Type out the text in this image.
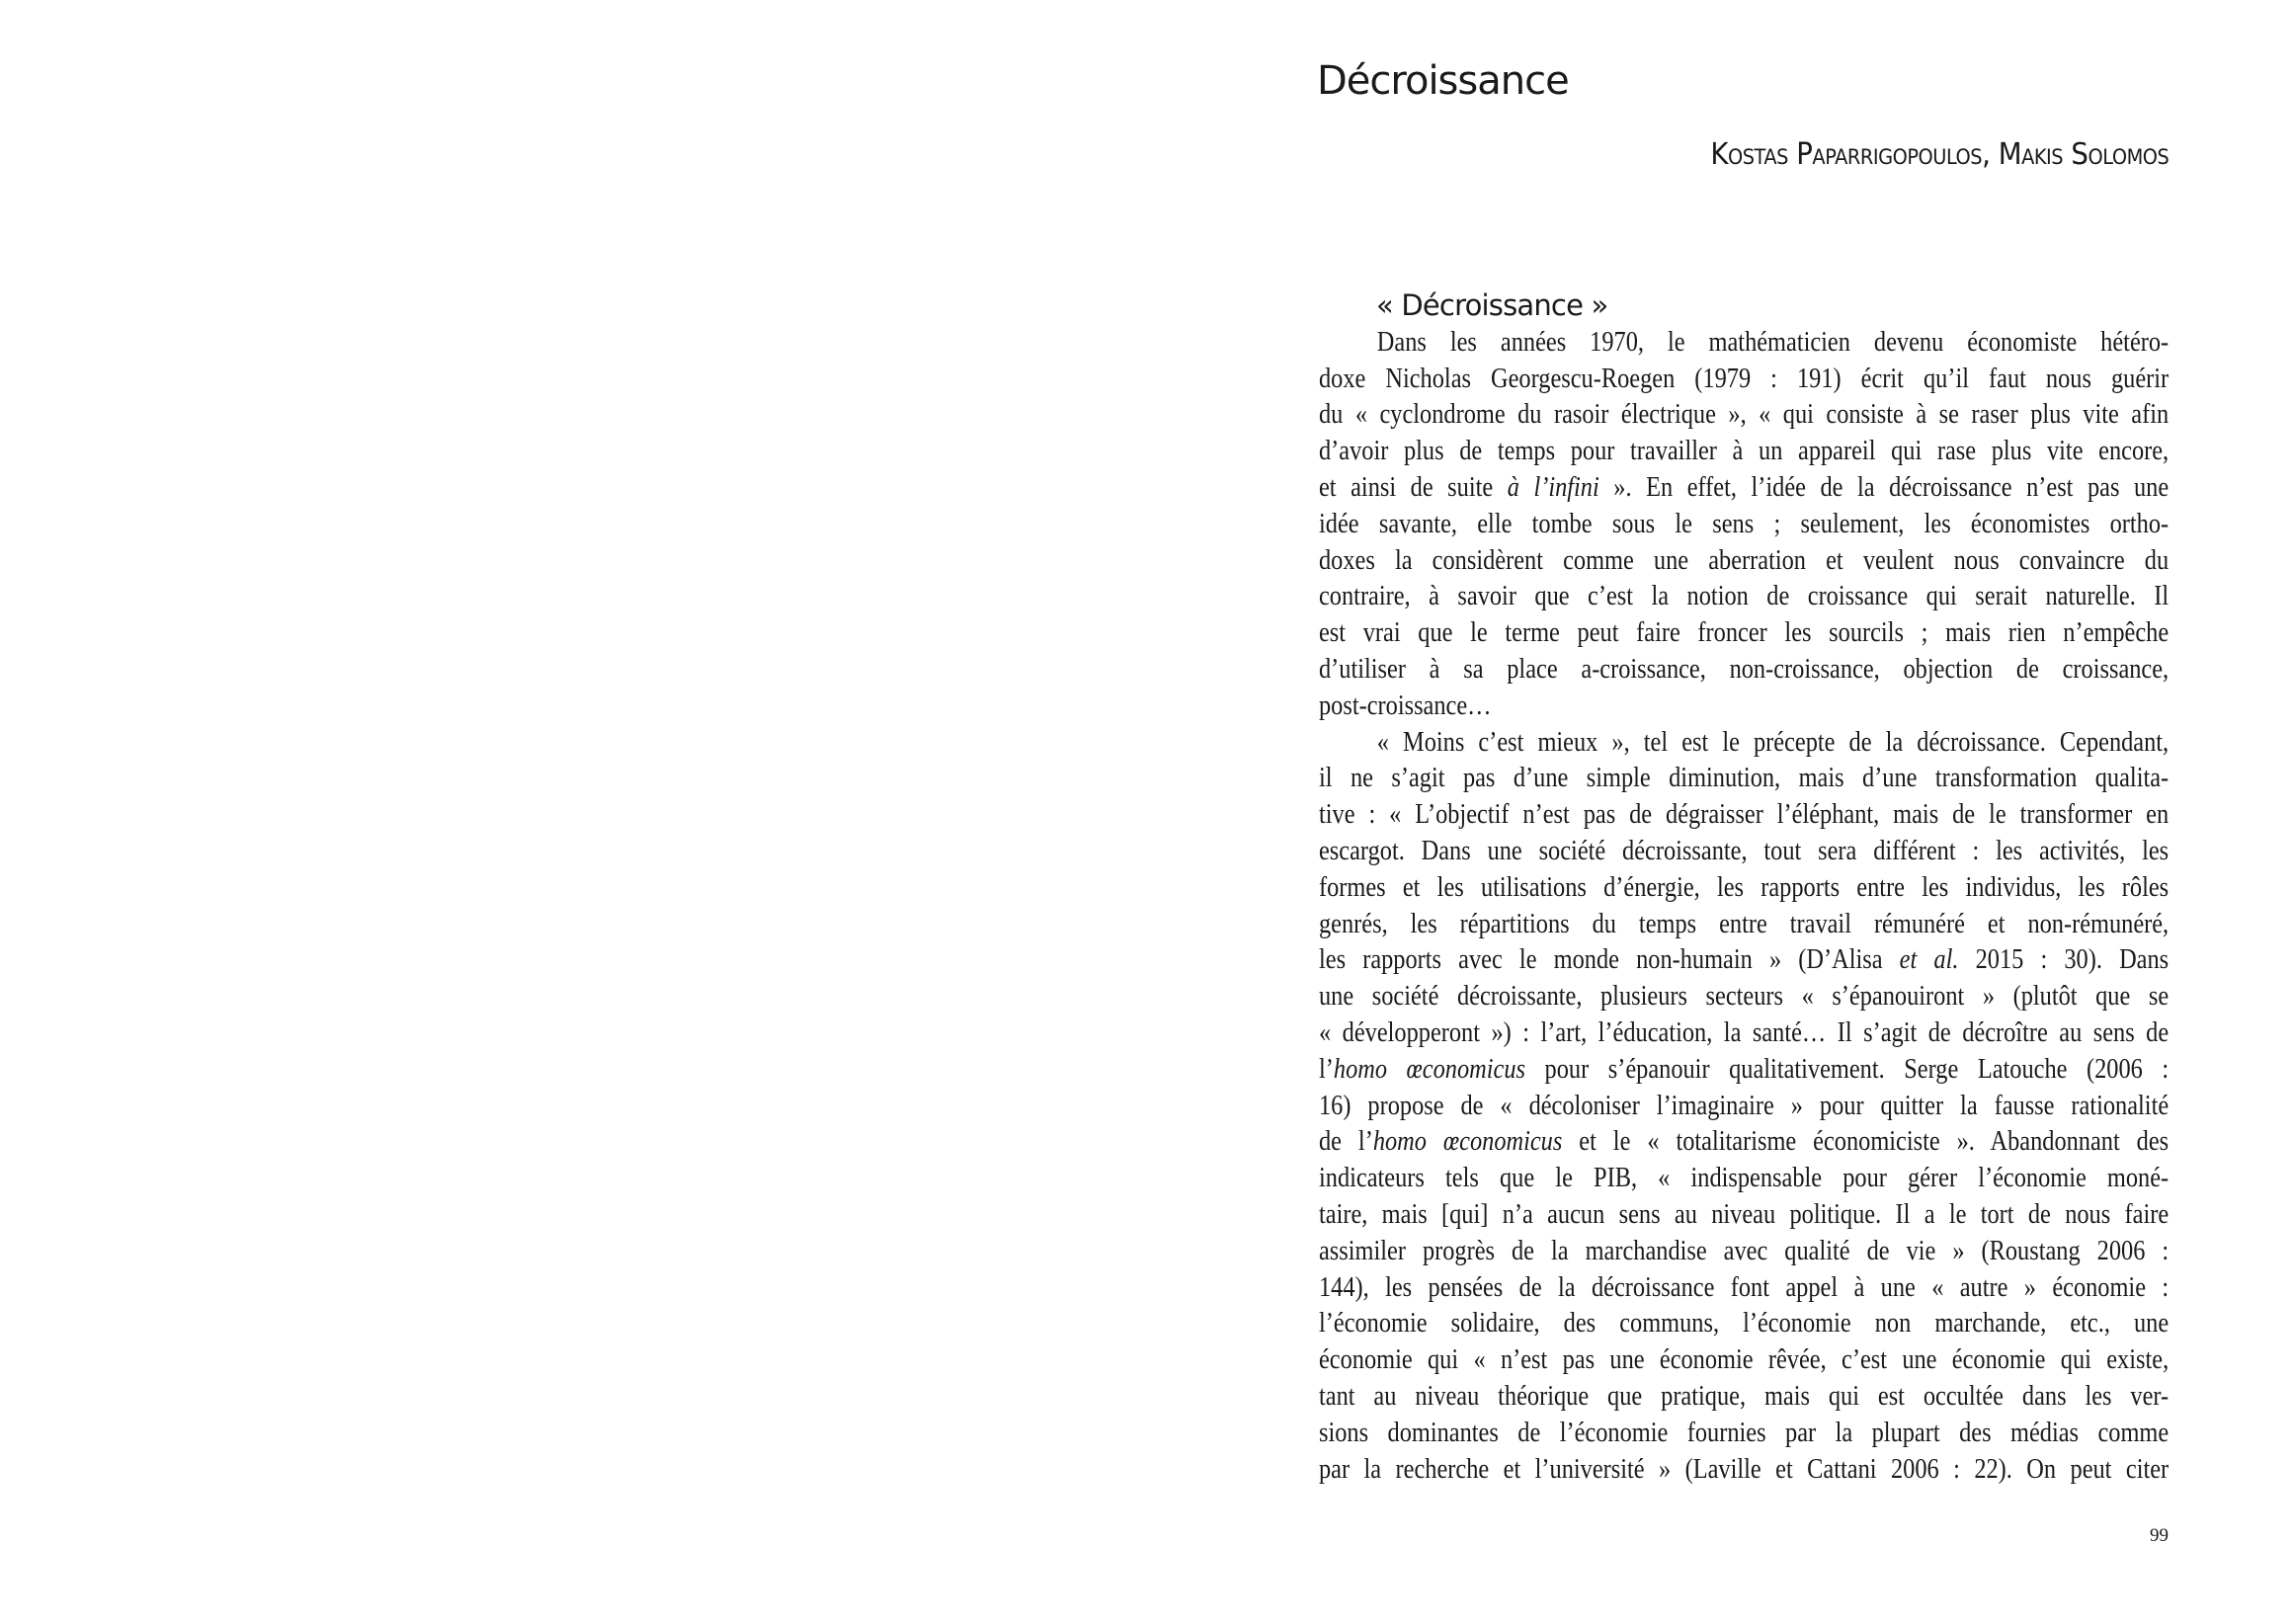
Décroissance
Kostas Paparrigopoulos, Makis Solomos
« Décroissance »
Dans les années 1970, le mathématicien devenu économiste hétéro-
doxe Nicholas Georgescu-Roegen (1979 : 191) écrit qu’il faut nous guérir
du « cyclondrome du rasoir électrique », « qui consiste à se raser plus vite afin
d’avoir plus de temps pour travailler à un appareil qui rase plus vite encore,
et ainsi de suite à l’infini ». En effet, l’idée de la décroissance n’est pas une
idée savante, elle tombe sous le sens ; seulement, les économistes ortho-
doxes la considèrent comme une aberration et veulent nous convaincre du
contraire, à savoir que c’est la notion de croissance qui serait naturelle. Il
est vrai que le terme peut faire froncer les sourcils ; mais rien n’empêche
d’utiliser à sa place a-croissance, non-croissance, objection de croissance,
post-croissance…
« Moins c’est mieux », tel est le précepte de la décroissance. Cependant,
il ne s’agit pas d’une simple diminution, mais d’une transformation qualita-
tive : « L’objectif n’est pas de dégraisser l’éléphant, mais de le transformer en
escargot. Dans une société décroissante, tout sera différent : les activités, les
formes et les utilisations d’énergie, les rapports entre les individus, les rôles
genrés, les répartitions du temps entre travail rémunéré et non-rémunéré,
les rapports avec le monde non-humain » (D’Alisa et al. 2015 : 30). Dans
une société décroissante, plusieurs secteurs « s’épanouiront » (plutôt que se
« développeront ») : l’art, l’éducation, la santé… Il s’agit de décroître au sens de
l’homo œconomicus pour s’épanouir qualitativement. Serge Latouche (2006 :
16) propose de « décoloniser l’imaginaire » pour quitter la fausse rationalité
de l’homo œconomicus et le « totalitarisme économiciste ». Abandonnant des
indicateurs tels que le PIB, « indispensable pour gérer l’économie moné-
taire, mais [qui] n’a aucun sens au niveau politique. Il a le tort de nous faire
assimiler progrès de la marchandise avec qualité de vie » (Roustang 2006 :
144), les pensées de la décroissance font appel à une « autre » économie :
l’économie solidaire, des communs, l’économie non marchande, etc., une
économie qui « n’est pas une économie rêvée, c’est une économie qui existe,
tant au niveau théorique que pratique, mais qui est occultée dans les ver-
sions dominantes de l’économie fournies par la plupart des médias comme
par la recherche et l’université » (Laville et Cattani 2006 : 22). On peut citer
99
